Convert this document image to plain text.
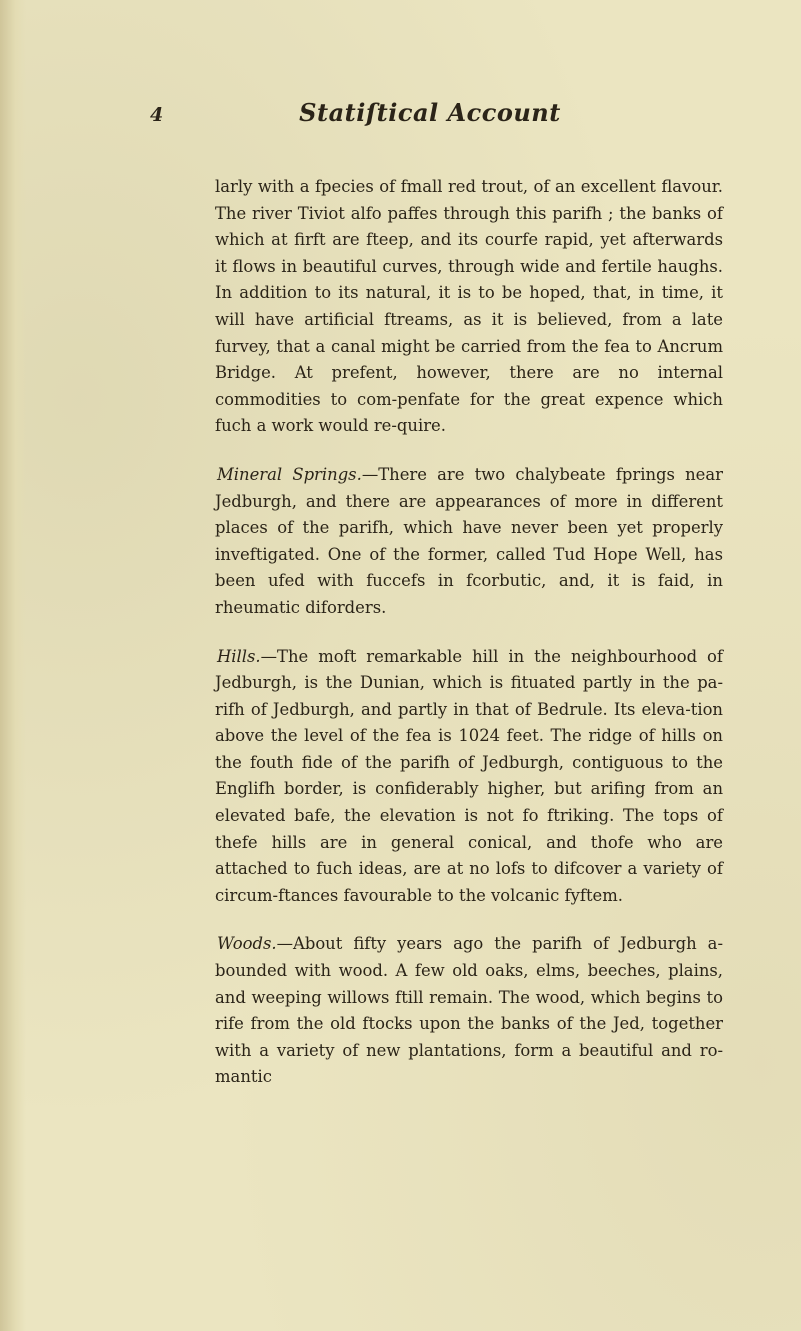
4	Statiſtical Account

larly with a fpecies of fmall red trout, of an excellent flavour. The river Tiviot alfo paffes through this parifh ; the banks of which at firft are fteep, and its courfe rapid, yet afterwards it flows in beautiful curves, through wide and fertile haughs. In addition to its natural, it is to be hoped, that, in time, it will have artificial ftreams, as it is believed, from a late furvey, that a canal might be carried from the fea to Ancrum Bridge. At prefent, however, there are no internal commodities to com-penfate for the great expence which fuch a work would re-quire.

Mineral Springs.—There are two chalybeate fprings near Jedburgh, and there are appearances of more in different places of the parifh, which have never been yet properly inveftigated. One of the former, called Tud Hope Well, has been ufed with fuccefs in fcorbutic, and, it is faid, in rheumatic diforders.

Hills.—The moft remarkable hill in the neighbourhood of Jedburgh, is the Dunian, which is fituated partly in the pa-rifh of Jedburgh, and partly in that of Bedrule. Its eleva-tion above the level of the fea is 1024 feet. The ridge of hills on the fouth fide of the parifh of Jedburgh, contiguous to the Englifh border, is confiderably higher, but arifing from an elevated bafe, the elevation is not fo ftriking. The tops of thefe hills are in general conical, and thofe who are attached to fuch ideas, are at no lofs to difcover a variety of circum-ftances favourable to the volcanic fyftem.

Woods.—About fifty years ago the parifh of Jedburgh a-bounded with wood. A few old oaks, elms, beeches, plains, and weeping willows ftill remain. The wood, which begins to rife from the old ftocks upon the banks of the Jed, together with a variety of new plantations, form a beautiful and ro-mantic
